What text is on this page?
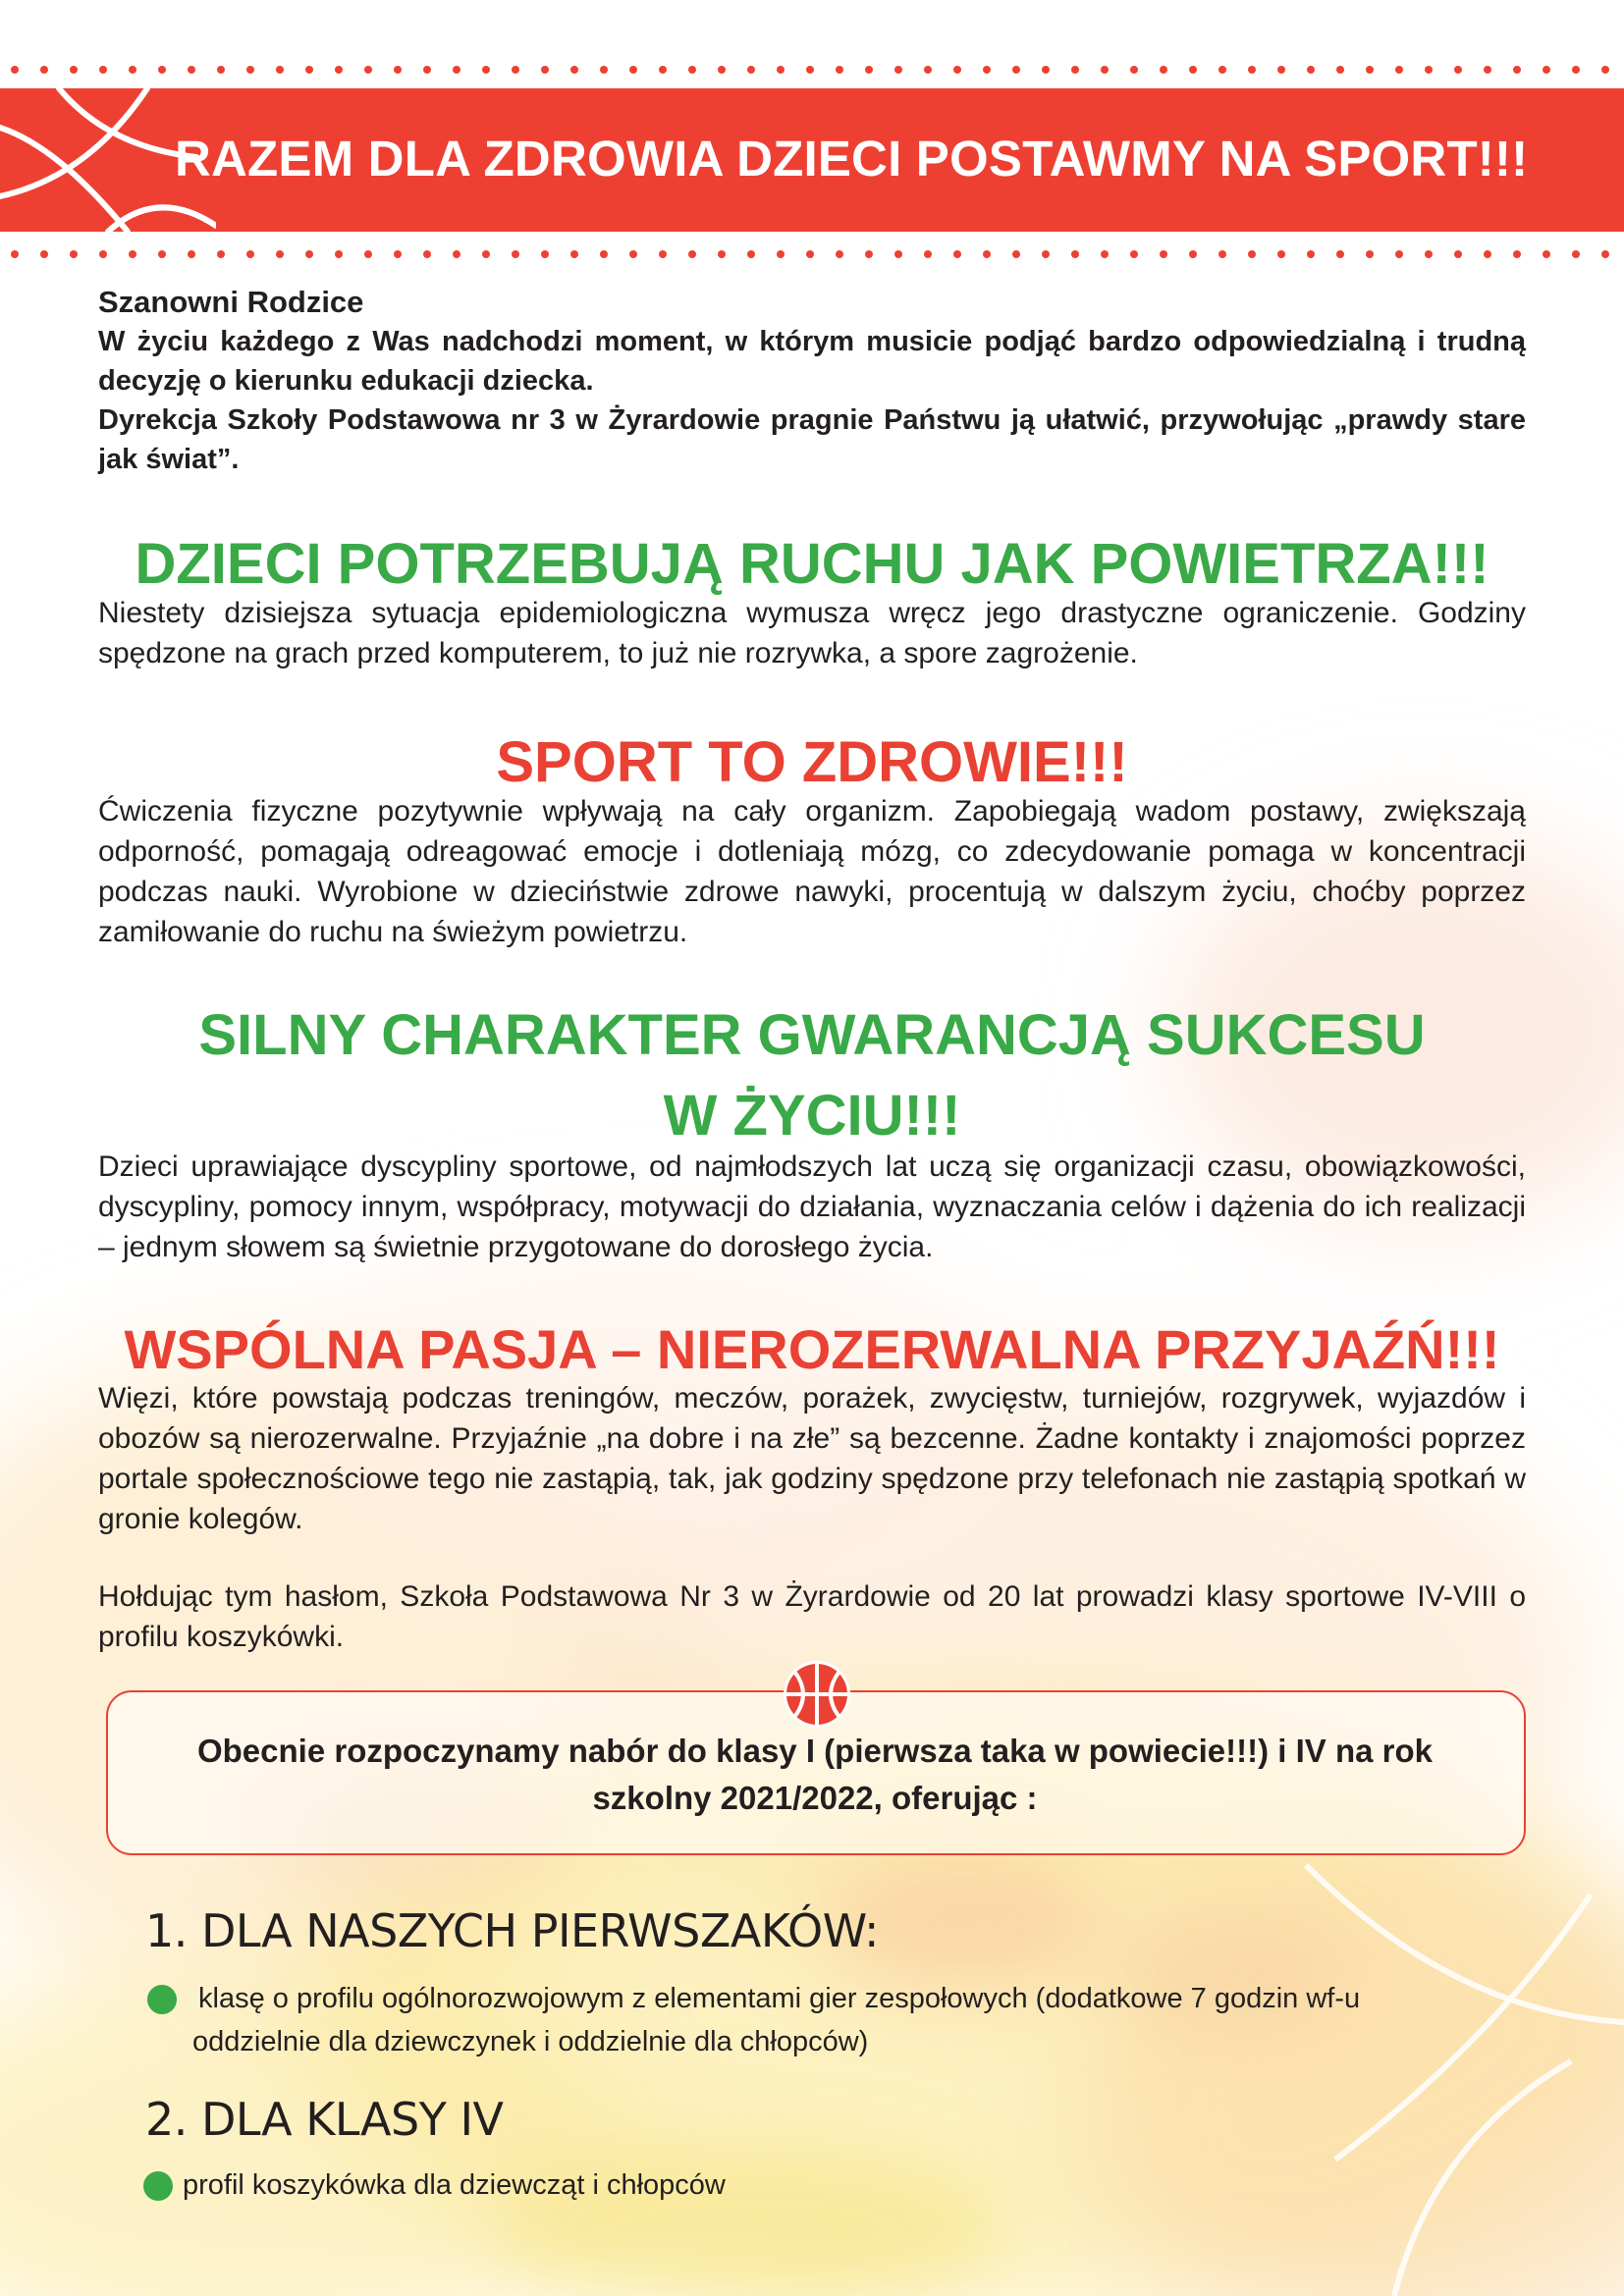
RAZEM DLA ZDROWIA DZIECI POSTAWMY NA SPORT!!!

Szanowni Rodzice

W życiu każdego z Was nadchodzi moment, w którym musicie podjąć bardzo odpowiedzialną i trudną decyzję o kierunku edukacji dziecka.

Dyrekcja Szkoły Podstawowa nr 3 w Żyrardowie pragnie Państwu ją ułatwić, przywołując „prawdy stare jak świat”.

DZIECI POTRZEBUJĄ RUCHU JAK POWIETRZA!!!

Niestety dzisiejsza sytuacja epidemiologiczna wymusza wręcz jego drastyczne ograniczenie. Godziny spędzone na grach przed komputerem, to już nie rozrywka, a spore zagrożenie.

SPORT TO ZDROWIE!!!

Ćwiczenia fizyczne pozytywnie wpływają na cały organizm. Zapobiegają wadom postawy, zwiększają odporność, pomagają odreagować emocje i dotleniają mózg, co zdecydowanie pomaga w koncentracji podczas nauki. Wyrobione w dzieciństwie zdrowe nawyki, procentują w dalszym życiu, choćby poprzez zamiłowanie do ruchu na świeżym powietrzu.

SILNY CHARAKTER GWARANCJĄ SUKCESU
W ŻYCIU!!!

Dzieci uprawiające dyscypliny sportowe, od najmłodszych lat uczą się organizacji czasu, obowiązkowości, dyscypliny, pomocy innym, współpracy, motywacji do działania, wyznaczania celów i dążenia do ich realizacji – jednym słowem są świetnie przygotowane do dorosłego życia.

WSPÓLNA PASJA – NIEROZERWALNA PRZYJAŹŃ!!!

Więzi, które powstają podczas treningów, meczów, porażek, zwycięstw, turniejów, rozgrywek, wyjazdów i obozów są nierozerwalne. Przyjaźnie „na dobre i na złe” są bezcenne. Żadne kontakty i znajomości poprzez portale społecznościowe tego nie zastąpią, tak, jak godziny spędzone przy telefonach nie zastąpią spotkań w gronie kolegów.

Hołdując tym hasłom, Szkoła Podstawowa Nr 3 w Żyrardowie od 20 lat prowadzi klasy sportowe IV-VIII o profilu koszykówki.

Obecnie rozpoczynamy nabór do klasy I (pierwsza taka w powiecie!!!) i IV na rok
szkolny 2021/2022, oferując :
1. DLA NASZYCH PIERWSZAKÓW:

klasę o profilu ogólnorozwojowym z elementami gier zespołowych (dodatkowe 7 godzin wf-u

oddzielnie dla dziewczynek i oddzielnie dla chłopców)

2. DLA KLASY IV

profil koszykówka dla dziewcząt i chłopców
